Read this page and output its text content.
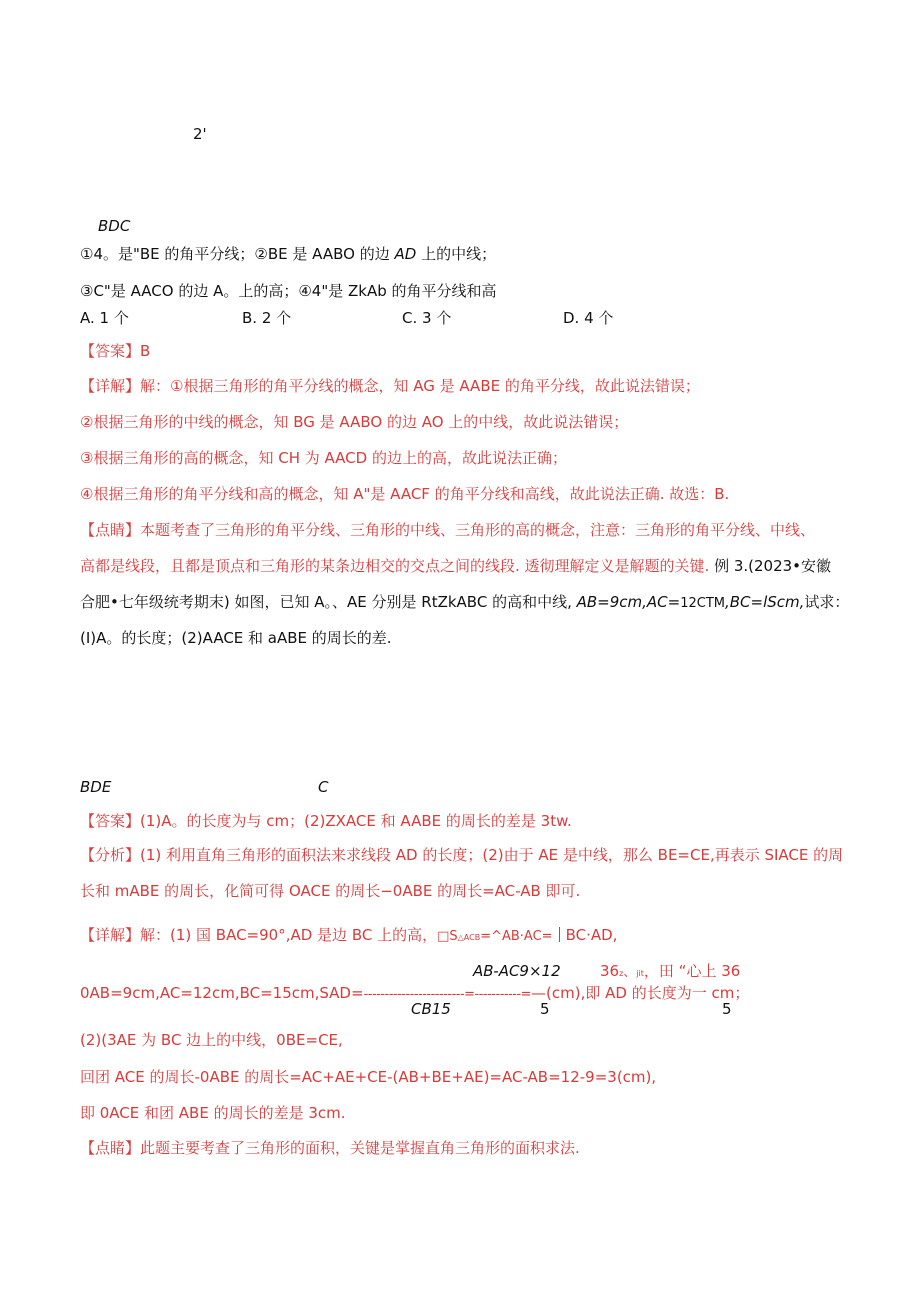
2'
BDC
①4。是"BE 的角平分线；②BE 是 AABO 的边 AD 上的中线；
③C"是 AACO 的边 A。上的高；④4"是 ZkAb 的角平分线和高
A. 1 个	B. 2 个	C. 3 个	D. 4 个
【答案】B
【详解】解：①根据三角形的角平分线的概念，知 AG 是 AABE 的角平分线，故此说法错误；
②根据三角形的中线的概念，知 BG 是 AABO 的边 AO 上的中线，故此说法错误；
③根据三角形的高的概念，知 CH 为 AACD 的边上的高，故此说法正确；
④根据三角形的角平分线和高的概念，知 A"是 AACF 的角平分线和高线，故此说法正确. 故选：B.
【点睛】本题考查了三角形的角平分线、三角形的中线、三角形的高的概念，注意：三角形的角平分线、中线、
高都是线段，且都是顶点和三角形的某条边相交的交点之间的线段. 透彻理解定义是解题的关键. 例 3.(2023•安徽
合肥•七年级统考期末) 如图，已知 A。、AE 分别是 RtZkABC 的高和中线, AB=9cm,AC=12CTM,BC=lScm,试求：
(I)A。的长度；(2)AACE 和 aABE 的周长的差.
BDE	C
【答案】(1)A。的长度为与 cm；(2)ZXACE 和 AABE 的周长的差是 3tw.
【分析】(1) 利用直角三角形的面积法来求线段 AD 的长度；(2)由于 AE 是中线，那么 BE=CE,再表示 SIACE 的周
长和 mABE 的周长，化简可得 OACE 的周长−0ABE 的周长=AC-AB 即可.
【详解】解：(1) 国 BAC=90°,AD 是边 BC 上的高，□S△ACB=^AB·AC= BC·AD,
AB-AC9×12	36z、jit，田 “心上 36
0AB=9cm,AC=12cm,BC=15cm,SAD=------------------------=-----------=—(cm),即 AD 的长度为一 cm；
CB15	5	5
(2)(3AE 为 BC 边上的中线，0BE=CE,
回团 ACE 的周长-0ABE 的周长=AC+AE+CE-(AB+BE+AE)=AC-AB=12-9=3(cm),
即 0ACE 和团 ABE 的周长的差是 3cm.
【点睹】此题主要考查了三角形的面积，关键是掌握直角三角形的面积求法.
